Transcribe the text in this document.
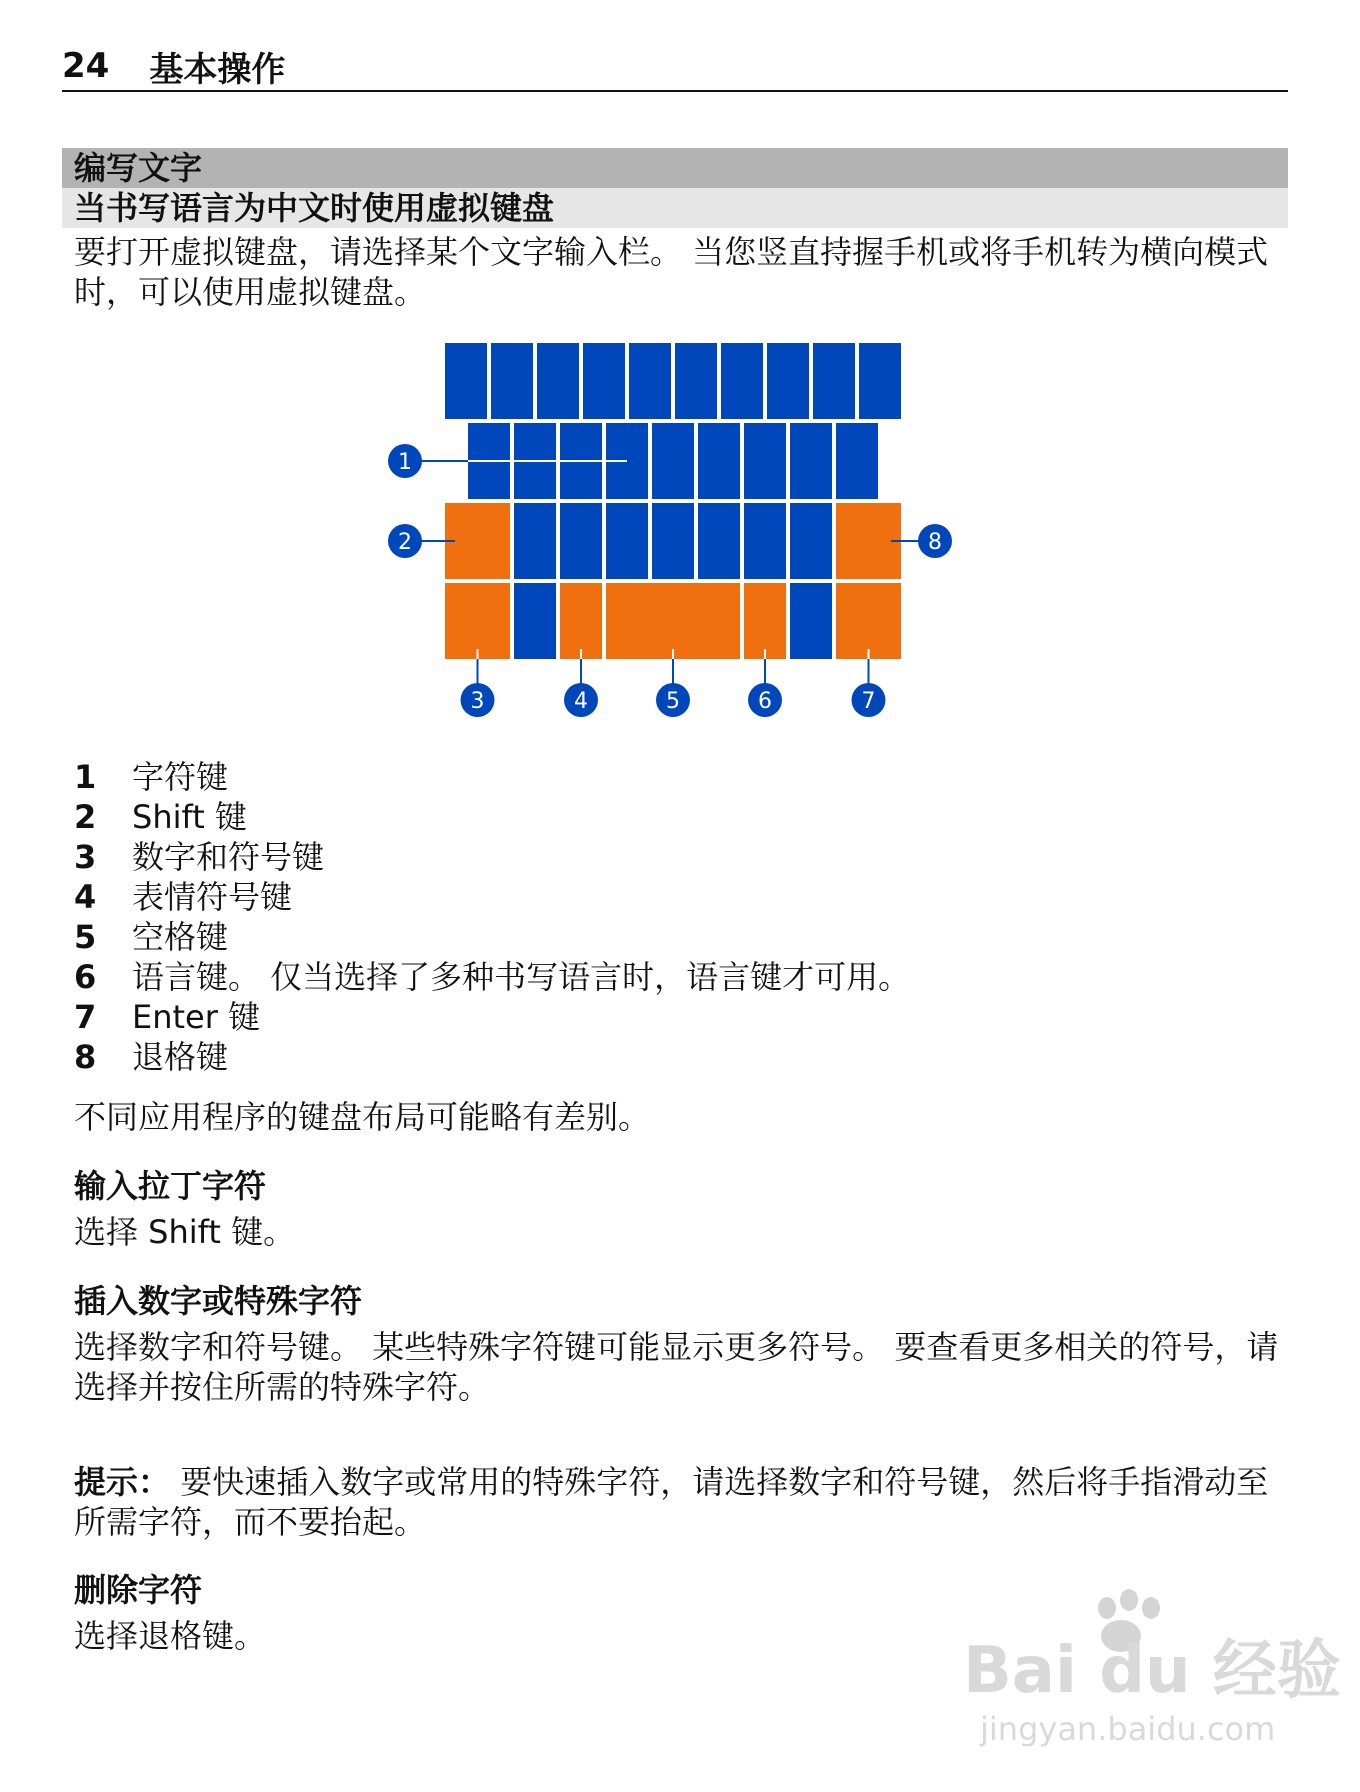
24 基本操作
编写文字
当书写语言为中文时使用虚拟键盘

要打开虚拟键盘，请选择某个文字输入栏。 当您竖直持握手机或将手机转为横向模式时，可以使用虚拟键盘。

1
2
3	4	5	6	7
8
1	字符键
2	Shift 键
3	数字和符号键
4	表情符号键
5	空格键
6	语言键。 仅当选择了多种书写语言时，语言键才可用。
7	Enter 键
8	退格键

不同应用程序的键盘布局可能略有差别。

输入拉丁字符

选择 Shift 键。

插入数字或特殊字符

选择数字和符号键。 某些特殊字符键可能显示更多符号。 要查看更多相关的符号，请选择并按住所需的特殊字符。

提示： 要快速插入数字或常用的特殊字符，请选择数字和符号键，然后将手指滑动至所需字符，而不要抬起。

删除字符

选择退格键。	Bai du 经验
jingyan.baidu.com
